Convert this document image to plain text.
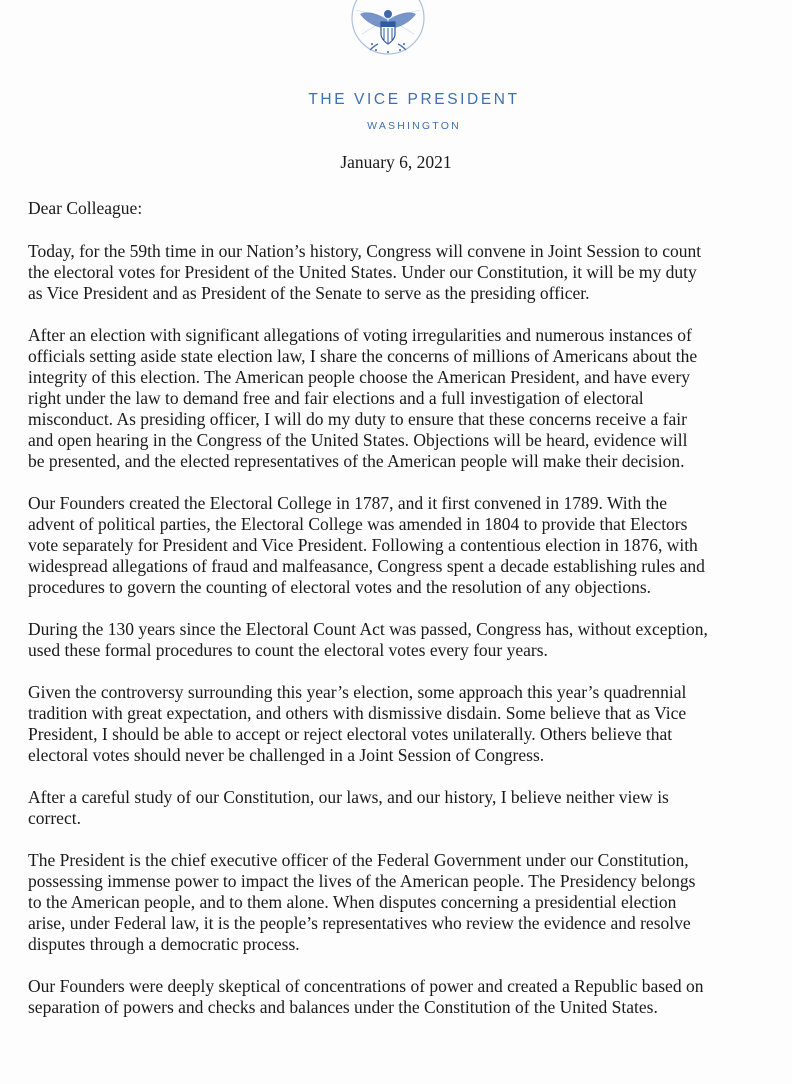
THE VICE PRESIDENT
WASHINGTON
January 6, 2021
Dear Colleague:

Today, for the 59th time in our Nation’s history, Congress will convene in Joint Session to count

the electoral votes for President of the United States. Under our Constitution, it will be my duty

as Vice President and as President of the Senate to serve as the presiding officer.

After an election with significant allegations of voting irregularities and numerous instances of

officials setting aside state election law, I share the concerns of millions of Americans about the

integrity of this election. The American people choose the American President, and have every

right under the law to demand free and fair elections and a full investigation of electoral

misconduct. As presiding officer, I will do my duty to ensure that these concerns receive a fair

and open hearing in the Congress of the United States. Objections will be heard, evidence will

be presented, and the elected representatives of the American people will make their decision.

Our Founders created the Electoral College in 1787, and it first convened in 1789. With the

advent of political parties, the Electoral College was amended in 1804 to provide that Electors

vote separately for President and Vice President. Following a contentious election in 1876, with

widespread allegations of fraud and malfeasance, Congress spent a decade establishing rules and

procedures to govern the counting of electoral votes and the resolution of any objections.

During the 130 years since the Electoral Count Act was passed, Congress has, without exception,

used these formal procedures to count the electoral votes every four years.

Given the controversy surrounding this year’s election, some approach this year’s quadrennial

tradition with great expectation, and others with dismissive disdain. Some believe that as Vice

President, I should be able to accept or reject electoral votes unilaterally. Others believe that

electoral votes should never be challenged in a Joint Session of Congress.

After a careful study of our Constitution, our laws, and our history, I believe neither view is

correct.

The President is the chief executive officer of the Federal Government under our Constitution,

possessing immense power to impact the lives of the American people. The Presidency belongs

to the American people, and to them alone. When disputes concerning a presidential election

arise, under Federal law, it is the people’s representatives who review the evidence and resolve

disputes through a democratic process.

Our Founders were deeply skeptical of concentrations of power and created a Republic based on

separation of powers and checks and balances under the Constitution of the United States.
